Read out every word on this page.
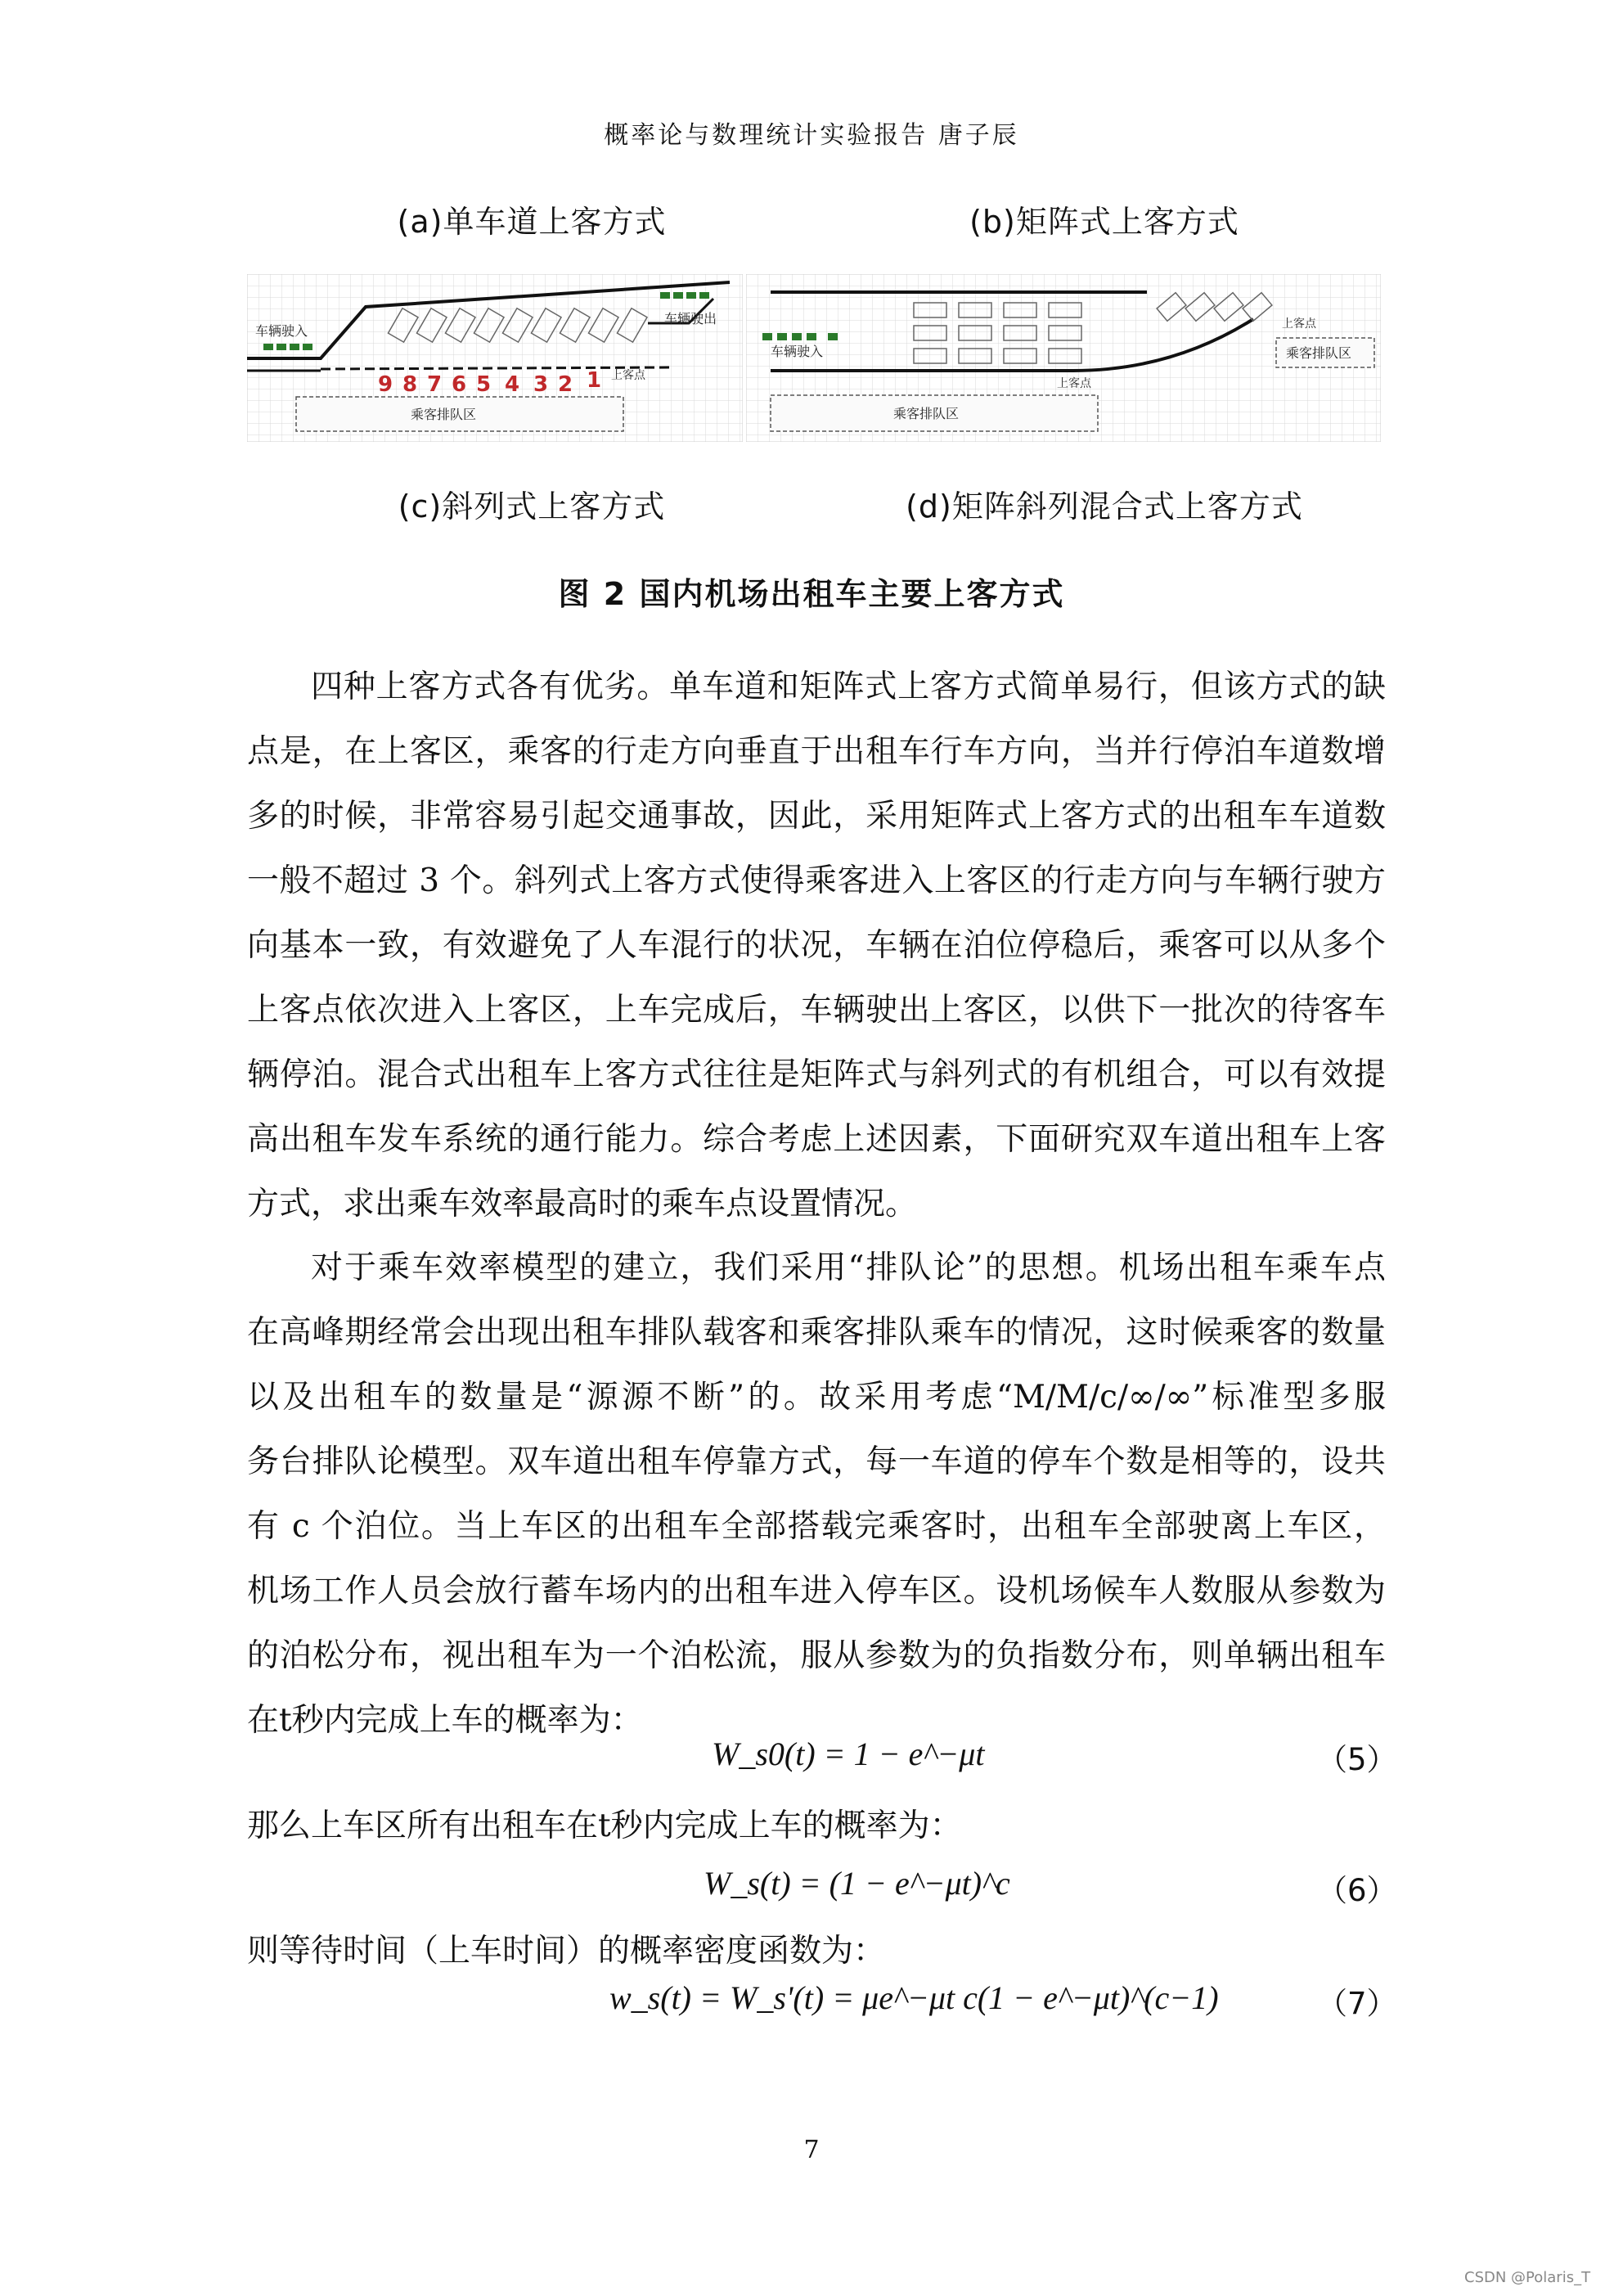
概率论与数理统计实验报告 唐子辰
(a)单车道上客方式	(b)矩阵式上客方式
车辆驶入
车辆驶出
上客点
9 8 7 6 5 4 3 2 1
乘客排队区
车辆驶入
上客点
乘客排队区
上客点
乘客排队区
(c)斜列式上客方式	(d)矩阵斜列混合式上客方式
图 2 国内机场出租车主要上客方式
四种上客方式各有优劣。单车道和矩阵式上客方式简单易行，但该方式的缺
点是，在上客区，乘客的行走方向垂直于出租车行车方向，当并行停泊车道数增
多的时候，非常容易引起交通事故，因此，采用矩阵式上客方式的出租车车道数
一般不超过 3 个。斜列式上客方式使得乘客进入上客区的行走方向与车辆行驶方
向基本一致，有效避免了人车混行的状况，车辆在泊位停稳后，乘客可以从多个
上客点依次进入上客区，上车完成后，车辆驶出上客区，以供下一批次的待客车
辆停泊。混合式出租车上客方式往往是矩阵式与斜列式的有机组合，可以有效提
高出租车发车系统的通行能力。综合考虑上述因素，下面研究双车道出租车上客
方式，求出乘车效率最高时的乘车点设置情况。
对于乘车效率模型的建立，我们采用“排队论”的思想。机场出租车乘车点
在高峰期经常会出现出租车排队载客和乘客排队乘车的情况，这时候乘客的数量
以及出租车的数量是“源源不断”的。故采用考虑“M/M/c/∞/∞”标准型多服
务台排队论模型。双车道出租车停靠方式，每一车道的停车个数是相等的，设共
有 c 个泊位。当上车区的出租车全部搭载完乘客时，出租车全部驶离上车区，
机场工作人员会放行蓄车场内的出租车进入停车区。设机场候车人数服从参数为
的泊松分布，视出租车为一个泊松流，服从参数为的负指数分布，则单辆出租车
在t秒内完成上车的概率为：
W_s0(t) = 1 − e^−μt	（5）
那么上车区所有出租车在t秒内完成上车的概率为：
W_s(t) = (1 − e^−μt)^c	（6）
则等待时间（上车时间）的概率密度函数为：
w_s(t) = W_s'(t) = μe^−μt c(1 − e^−μt)^(c−1)	（7）
7
CSDN @Polaris_T
